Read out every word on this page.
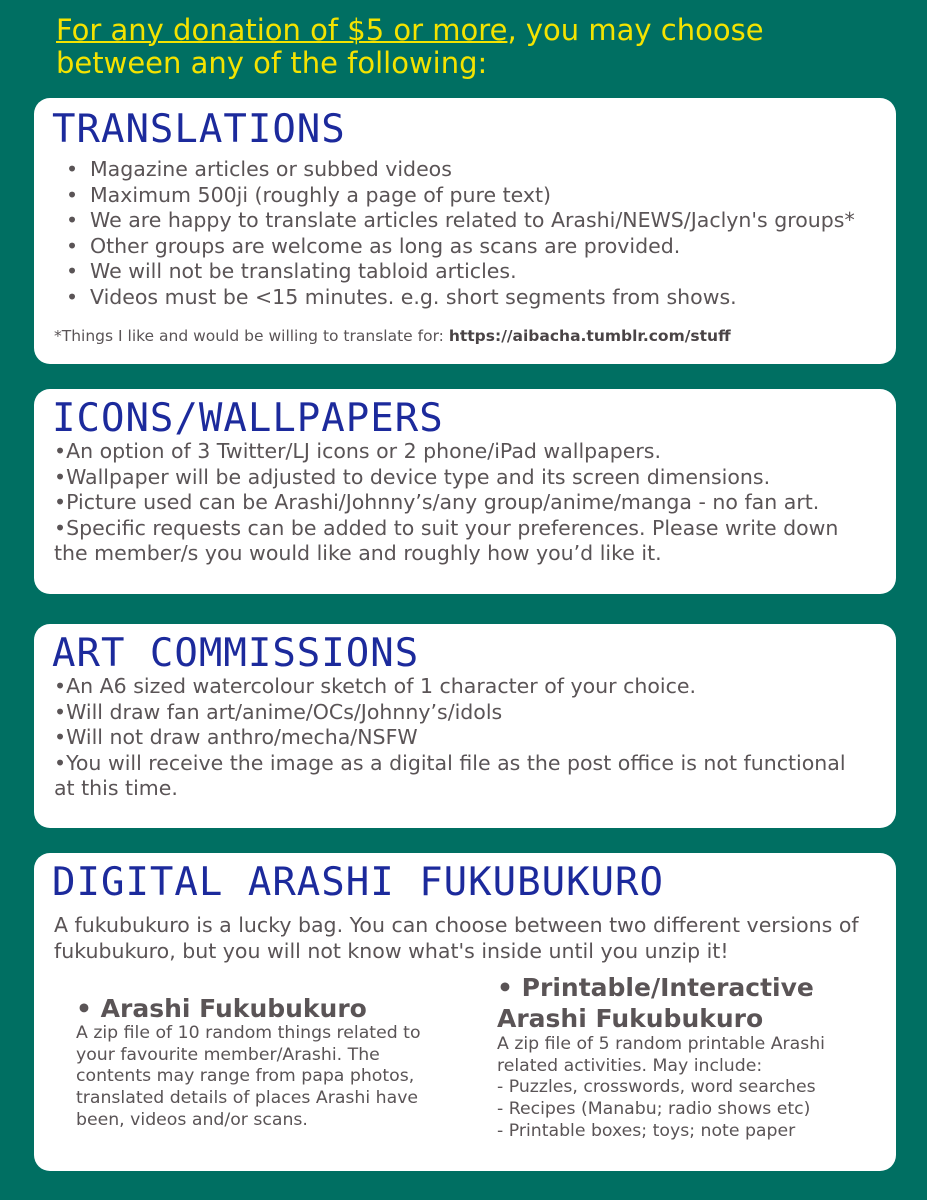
For any donation of $5 or more, you may choose
between any of the following:
TRANSLATIONS
• Magazine articles or subbed videos
• Maximum 500ji (roughly a page of pure text)
• We are happy to translate articles related to Arashi/NEWS/Jaclyn's groups*
• Other groups are welcome as long as scans are provided.
• We will not be translating tabloid articles.
• Videos must be <15 minutes. e.g. short segments from shows.
*Things I like and would be willing to translate for: https://aibacha.tumblr.com/stuff
ICONS/WALLPAPERS
•An option of 3 Twitter/LJ icons or 2 phone/iPad wallpapers.
•Wallpaper will be adjusted to device type and its screen dimensions.
•Picture used can be Arashi/Johnny’s/any group/anime/manga - no fan art.
•Specific requests can be added to suit your preferences. Please write down the member/s you would like and roughly how you’d like it.
ART COMMISSIONS
•An A6 sized watercolour sketch of 1 character of your choice.
•Will draw fan art/anime/OCs/Johnny’s/idols
•Will not draw anthro/mecha/NSFW
•You will receive the image as a digital file as the post office is not functional at this time.
DIGITAL ARASHI FUKUBUKURO
A fukubukuro is a lucky bag. You can choose between two different versions of fukubukuro, but you will not know what's inside until you unzip it!
• Arashi Fukubukuro
A zip file of 10 random things related to your favourite member/Arashi. The contents may range from papa photos, translated details of places Arashi have been, videos and/or scans.
• Printable/Interactive
Arashi Fukubukuro
A zip file of 5 random printable Arashi related activities. May include:
- Puzzles, crosswords, word searches
- Recipes (Manabu; radio shows etc)
- Printable boxes; toys; note paper
